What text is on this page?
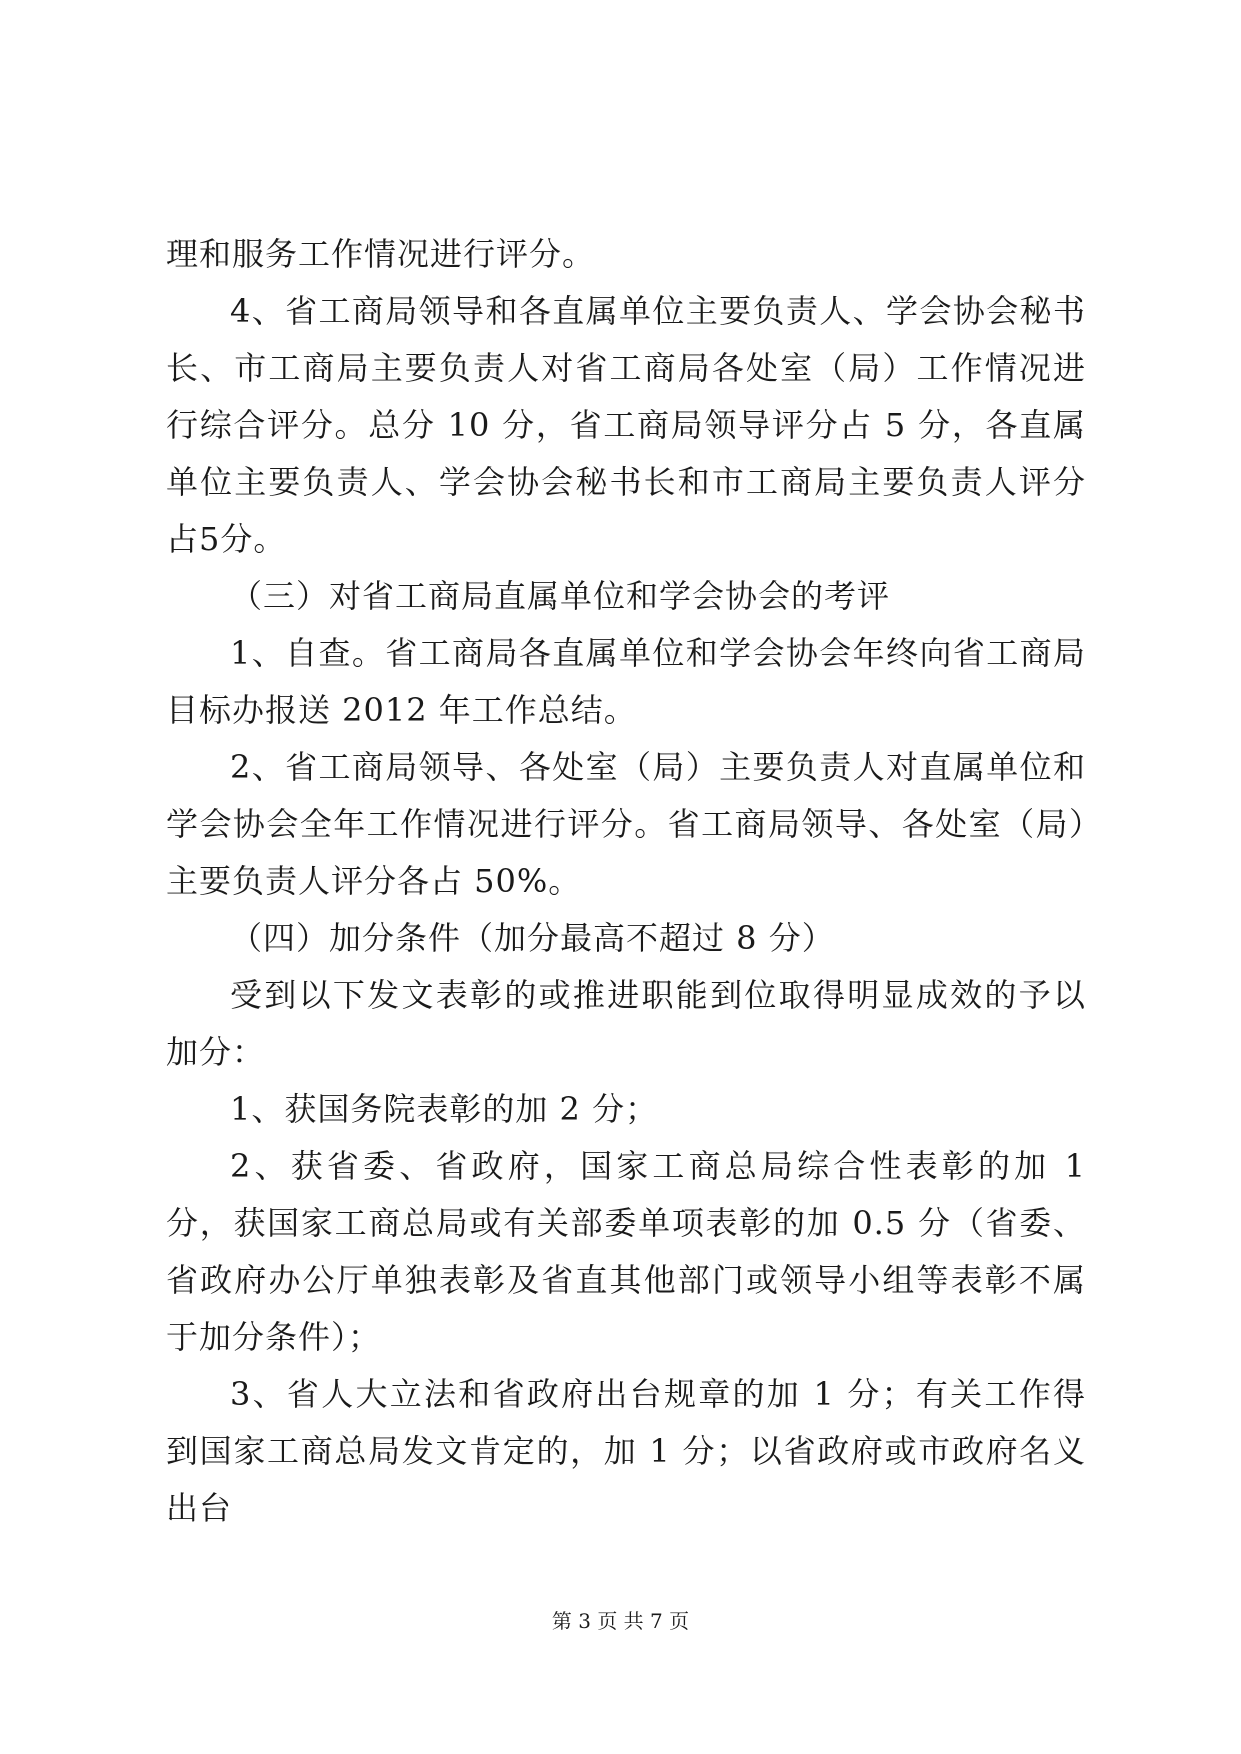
理和服务工作情况进行评分。

4、省工商局领导和各直属单位主要负责人、学会协会秘书长、市工商局主要负责人对省工商局各处室（局）工作情况进行综合评分。总分 10 分，省工商局领导评分占 5 分，各直属单位主要负责人、学会协会秘书长和市工商局主要负责人评分占5分。

（三）对省工商局直属单位和学会协会的考评

1、自查。省工商局各直属单位和学会协会年终向省工商局目标办报送 2012 年工作总结。

2、省工商局领导、各处室（局）主要负责人对直属单位和学会协会全年工作情况进行评分。省工商局领导、各处室（局）主要负责人评分各占 50%。

（四）加分条件（加分最高不超过 8 分）

受到以下发文表彰的或推进职能到位取得明显成效的予以加分：

1、获国务院表彰的加 2 分；

2、获省委、省政府，国家工商总局综合性表彰的加 1 分，获国家工商总局或有关部委单项表彰的加 0.5 分（省委、省政府办公厅单独表彰及省直其他部门或领导小组等表彰不属于加分条件）；

3、省人大立法和省政府出台规章的加 1 分；有关工作得到国家工商总局发文肯定的，加 1 分；以省政府或市政府名义出台

第 3 页 共 7 页
